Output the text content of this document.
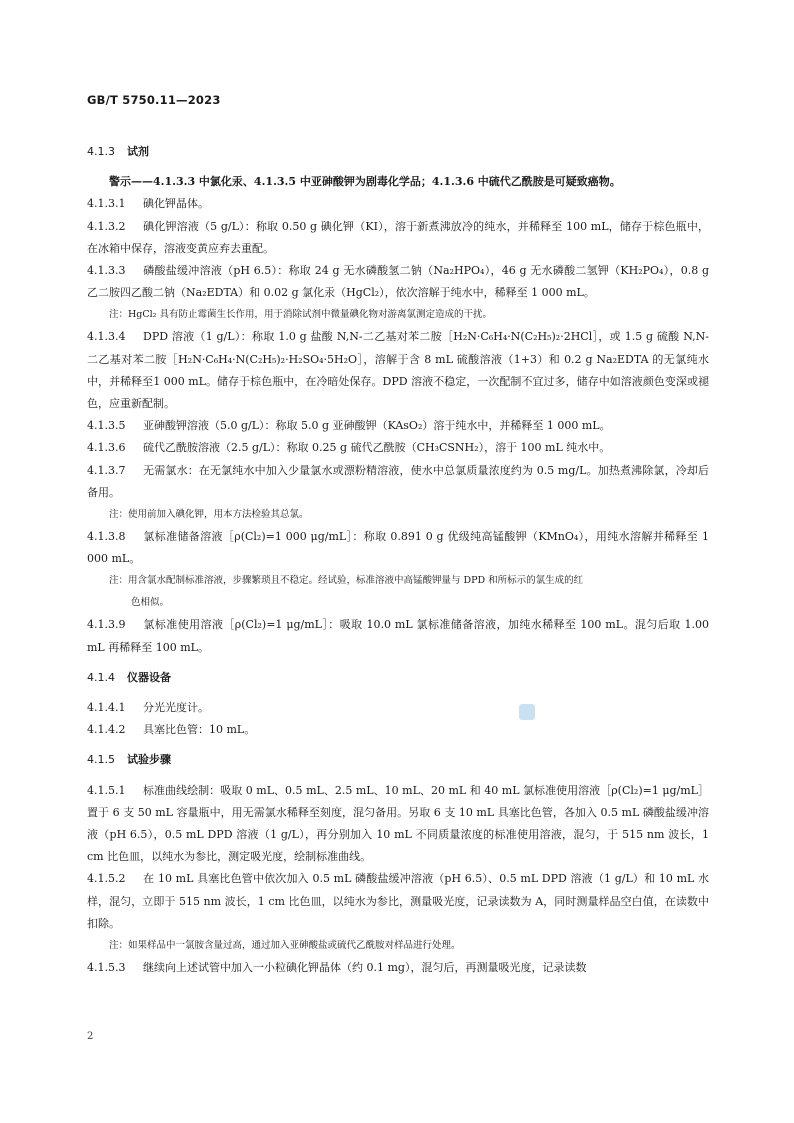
GB/T 5750.11—2023

4.1.3 试剂

警示——4.1.3.3 中氯化汞、4.1.3.5 中亚砷酸钾为剧毒化学品；4.1.3.6 中硫代乙酰胺是可疑致癌物。

4.1.3.1 碘化钾晶体。

4.1.3.2 碘化钾溶液（5 g/L）：称取 0.50 g 碘化钾（KI），溶于新煮沸放冷的纯水，并稀释至 100 mL，储存于棕色瓶中，在冰箱中保存，溶液变黄应弃去重配。

4.1.3.3 磷酸盐缓冲溶液（pH 6.5）：称取 24 g 无水磷酸氢二钠（Na₂HPO₄），46 g 无水磷酸二氢钾（KH₂PO₄），0.8 g 乙二胺四乙酸二钠（Na₂EDTA）和 0.02 g 氯化汞（HgCl₂），依次溶解于纯水中，稀释至 1 000 mL。

注：HgCl₂ 具有防止霉菌生长作用，用于消除试剂中微量碘化物对游离氯测定造成的干扰。

4.1.3.4 DPD 溶液（1 g/L）：称取 1.0 g 盐酸 N,N-二乙基对苯二胺［H₂N·C₆H₄·N(C₂H₅)₂·2HCl］，或 1.5 g 硫酸 N,N-二乙基对苯二胺［H₂N·C₆H₄·N(C₂H₅)₂·H₂SO₄·5H₂O］，溶解于含 8 mL 硫酸溶液（1+3）和 0.2 g Na₂EDTA 的无氯纯水中，并稀释至1 000 mL。储存于棕色瓶中，在冷暗处保存。DPD 溶液不稳定，一次配制不宜过多，储存中如溶液颜色变深或褪色，应重新配制。

4.1.3.5 亚砷酸钾溶液（5.0 g/L）：称取 5.0 g 亚砷酸钾（KAsO₂）溶于纯水中，并稀释至 1 000 mL。

4.1.3.6 硫代乙酰胺溶液（2.5 g/L）：称取 0.25 g 硫代乙酰胺（CH₃CSNH₂），溶于 100 mL 纯水中。

4.1.3.7 无需氯水：在无氯纯水中加入少量氯水或漂粉精溶液，使水中总氯质量浓度约为 0.5 mg/L。加热煮沸除氯，冷却后备用。

注：使用前加入碘化钾，用本方法检验其总氯。

4.1.3.8 氯标准储备溶液［ρ(Cl₂)=1 000 μg/mL］：称取 0.891 0 g 优级纯高锰酸钾（KMnO₄），用纯水溶解并稀释至 1 000 mL。

注：用含氯水配制标准溶液，步骤繁琐且不稳定。经试验，标准溶液中高锰酸钾量与 DPD 和所标示的氯生成的红

色相似。

4.1.3.9 氯标准使用溶液［ρ(Cl₂)=1 μg/mL］：吸取 10.0 mL 氯标准储备溶液，加纯水稀释至 100 mL。混匀后取 1.00 mL 再稀释至 100 mL。

4.1.4 仪器设备

4.1.4.1 分光光度计。

4.1.4.2 具塞比色管：10 mL。

4.1.5 试验步骤

4.1.5.1 标准曲线绘制：吸取 0 mL、0.5 mL、2.5 mL、10 mL、20 mL 和 40 mL 氯标准使用溶液［ρ(Cl₂)=1 μg/mL］置于 6 支 50 mL 容量瓶中，用无需氯水稀释至刻度，混匀备用。另取 6 支 10 mL 具塞比色管，各加入 0.5 mL 磷酸盐缓冲溶液（pH 6.5），0.5 mL DPD 溶液（1 g/L），再分别加入 10 mL 不同质量浓度的标准使用溶液，混匀，于 515 nm 波长，1 cm 比色皿，以纯水为参比，测定吸光度，绘制标准曲线。

4.1.5.2 在 10 mL 具塞比色管中依次加入 0.5 mL 磷酸盐缓冲溶液（pH 6.5）、0.5 mL DPD 溶液（1 g/L）和 10 mL 水样，混匀，立即于 515 nm 波长，1 cm 比色皿，以纯水为参比，测量吸光度，记录读数为 A，同时测量样品空白值，在读数中扣除。

注：如果样品中一氯胺含量过高，通过加入亚砷酸盐或硫代乙酰胺对样品进行处理。

4.1.5.3 继续向上述试管中加入一小粒碘化钾晶体（约 0.1 mg），混匀后，再测量吸光度，记录读数

2
